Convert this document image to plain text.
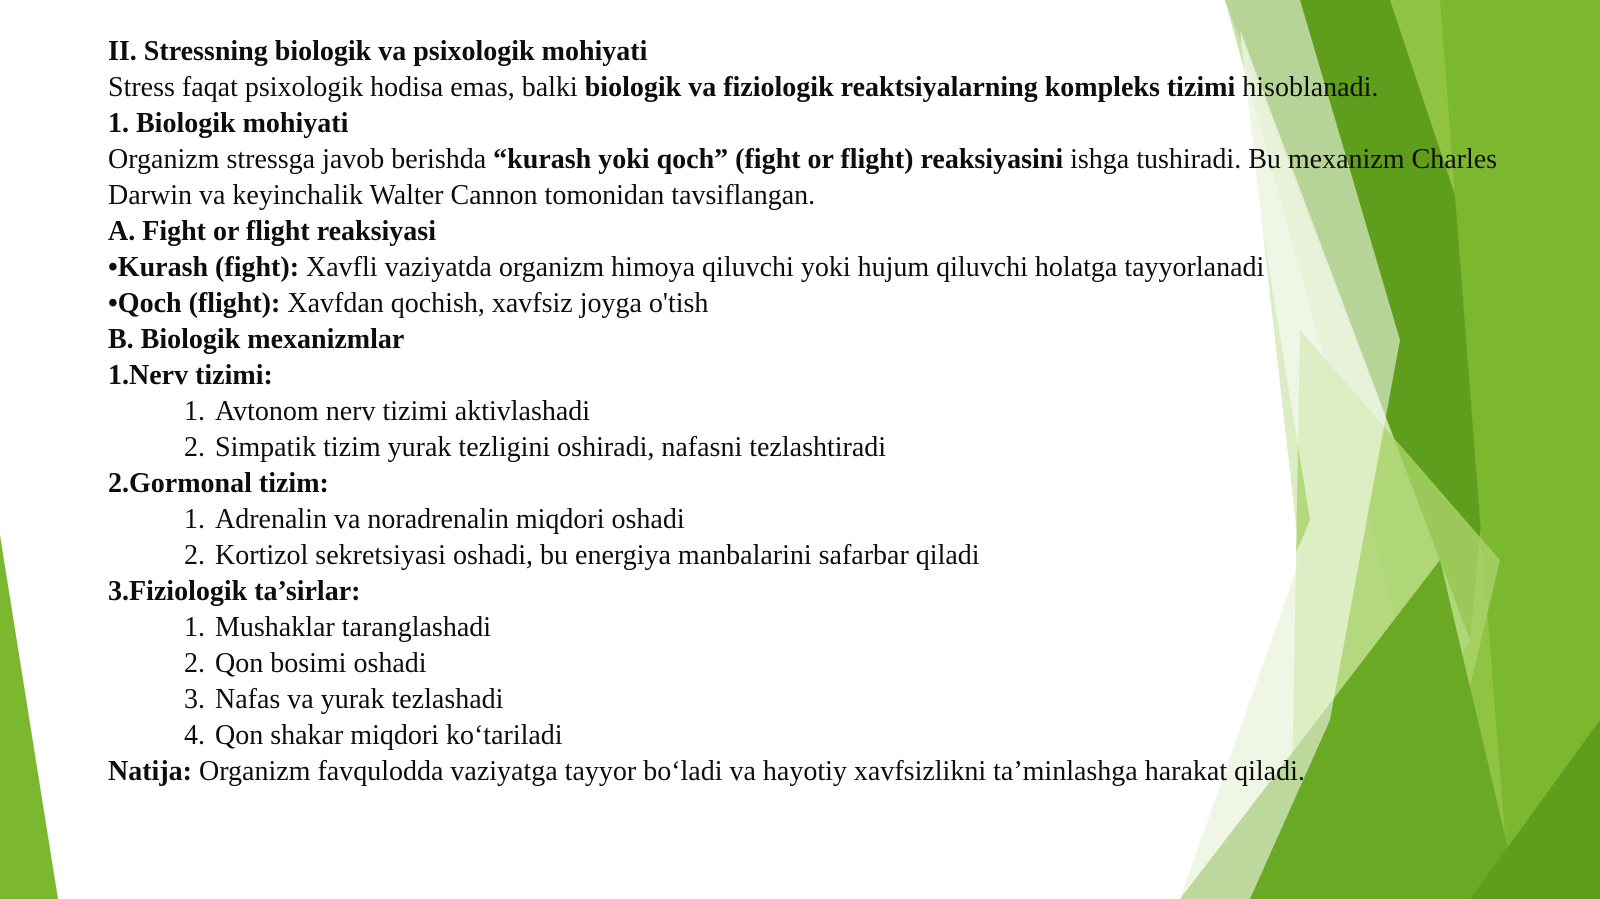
II. Stressning biologik va psixologik mohiyati

Stress faqat psixologik hodisa emas, balki biologik va fiziologik reaktsiyalarning kompleks tizimi hisoblanadi.

1. Biologik mohiyati

Organizm stressga javob berishda “kurash yoki qoch” (fight or flight) reaksiyasini ishga tushiradi. Bu mexanizm Charles Darwin va keyinchalik Walter Cannon tomonidan tavsiflangan.

A. Fight or flight reaksiyasi

•Kurash (fight): Xavfli vaziyatda organizm himoya qiluvchi yoki hujum qiluvchi holatga tayyorlanadi

•Qoch (flight): Xavfdan qochish, xavfsiz joyga o'tish

B. Biologik mexanizmlar

1.Nerv tizimi:

1. Avtonom nerv tizimi aktivlashadi

2. Simpatik tizim yurak tezligini oshiradi, nafasni tezlashtiradi

2.Gormonal tizim:

1. Adrenalin va noradrenalin miqdori oshadi

2. Kortizol sekretsiyasi oshadi, bu energiya manbalarini safarbar qiladi

3.Fiziologik ta’sirlar:

1. Mushaklar taranglashadi

2. Qon bosimi oshadi

3. Nafas va yurak tezlashadi

4. Qon shakar miqdori ko‘tariladi

Natija: Organizm favqulodda vaziyatga tayyor bo‘ladi va hayotiy xavfsizlikni ta’minlashga harakat qiladi.
